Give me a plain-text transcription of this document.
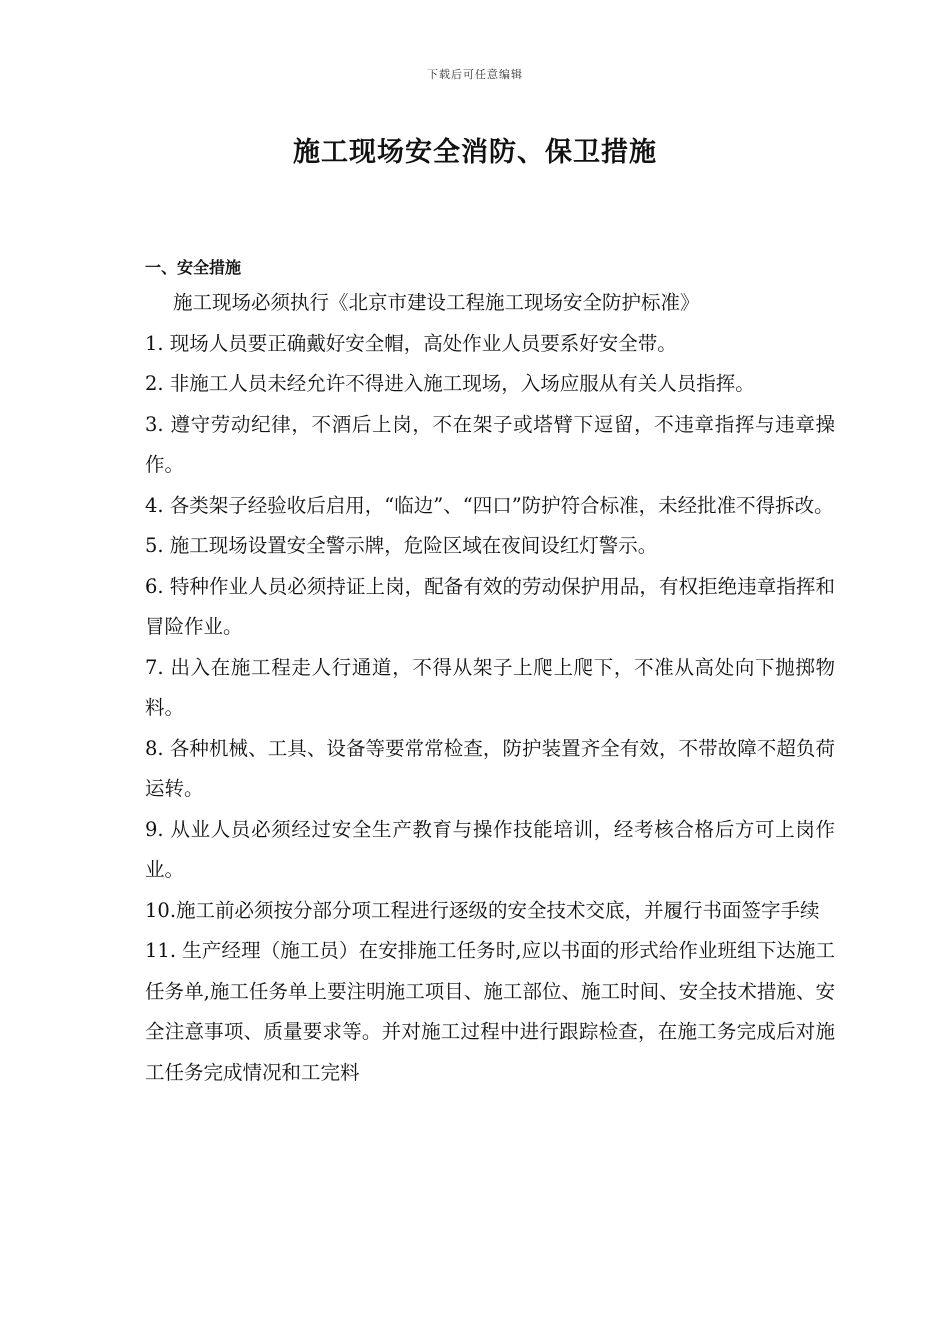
下载后可任意编辑
施工现场安全消防、保卫措施
一、安全措施
施工现场必须执行《北京市建设工程施工现场安全防护标准》
1. 现场人员要正确戴好安全帽，高处作业人员要系好安全带。
2. 非施工人员未经允许不得进入施工现场，入场应服从有关人员指挥。
3. 遵守劳动纪律，不酒后上岗，不在架子或塔臂下逗留，不违章指挥与违章操作。
4. 各类架子经验收后启用，“临边”、“四口”防护符合标准，未经批准不得拆改。
5. 施工现场设置安全警示牌，危险区域在夜间设红灯警示。
6. 特种作业人员必须持证上岗，配备有效的劳动保护用品，有权拒绝违章指挥和冒险作业。
7. 出入在施工程走人行通道，不得从架子上爬上爬下，不准从高处向下抛掷物料。
8. 各种机械、工具、设备等要常常检查，防护装置齐全有效，不带故障不超负荷运转。
9. 从业人员必须经过安全生产教育与操作技能培训，经考核合格后方可上岗作业。
10.施工前必须按分部分项工程进行逐级的安全技术交底，并履行书面签字手续
11. 生产经理（施工员）在安排施工任务时,应以书面的形式给作业班组下达施工任务单,施工任务单上要注明施工项目、施工部位、施工时间、安全技术措施、安全注意事项、质量要求等。并对施工过程中进行跟踪检查，在施工务完成后对施工任务完成情况和工完料
